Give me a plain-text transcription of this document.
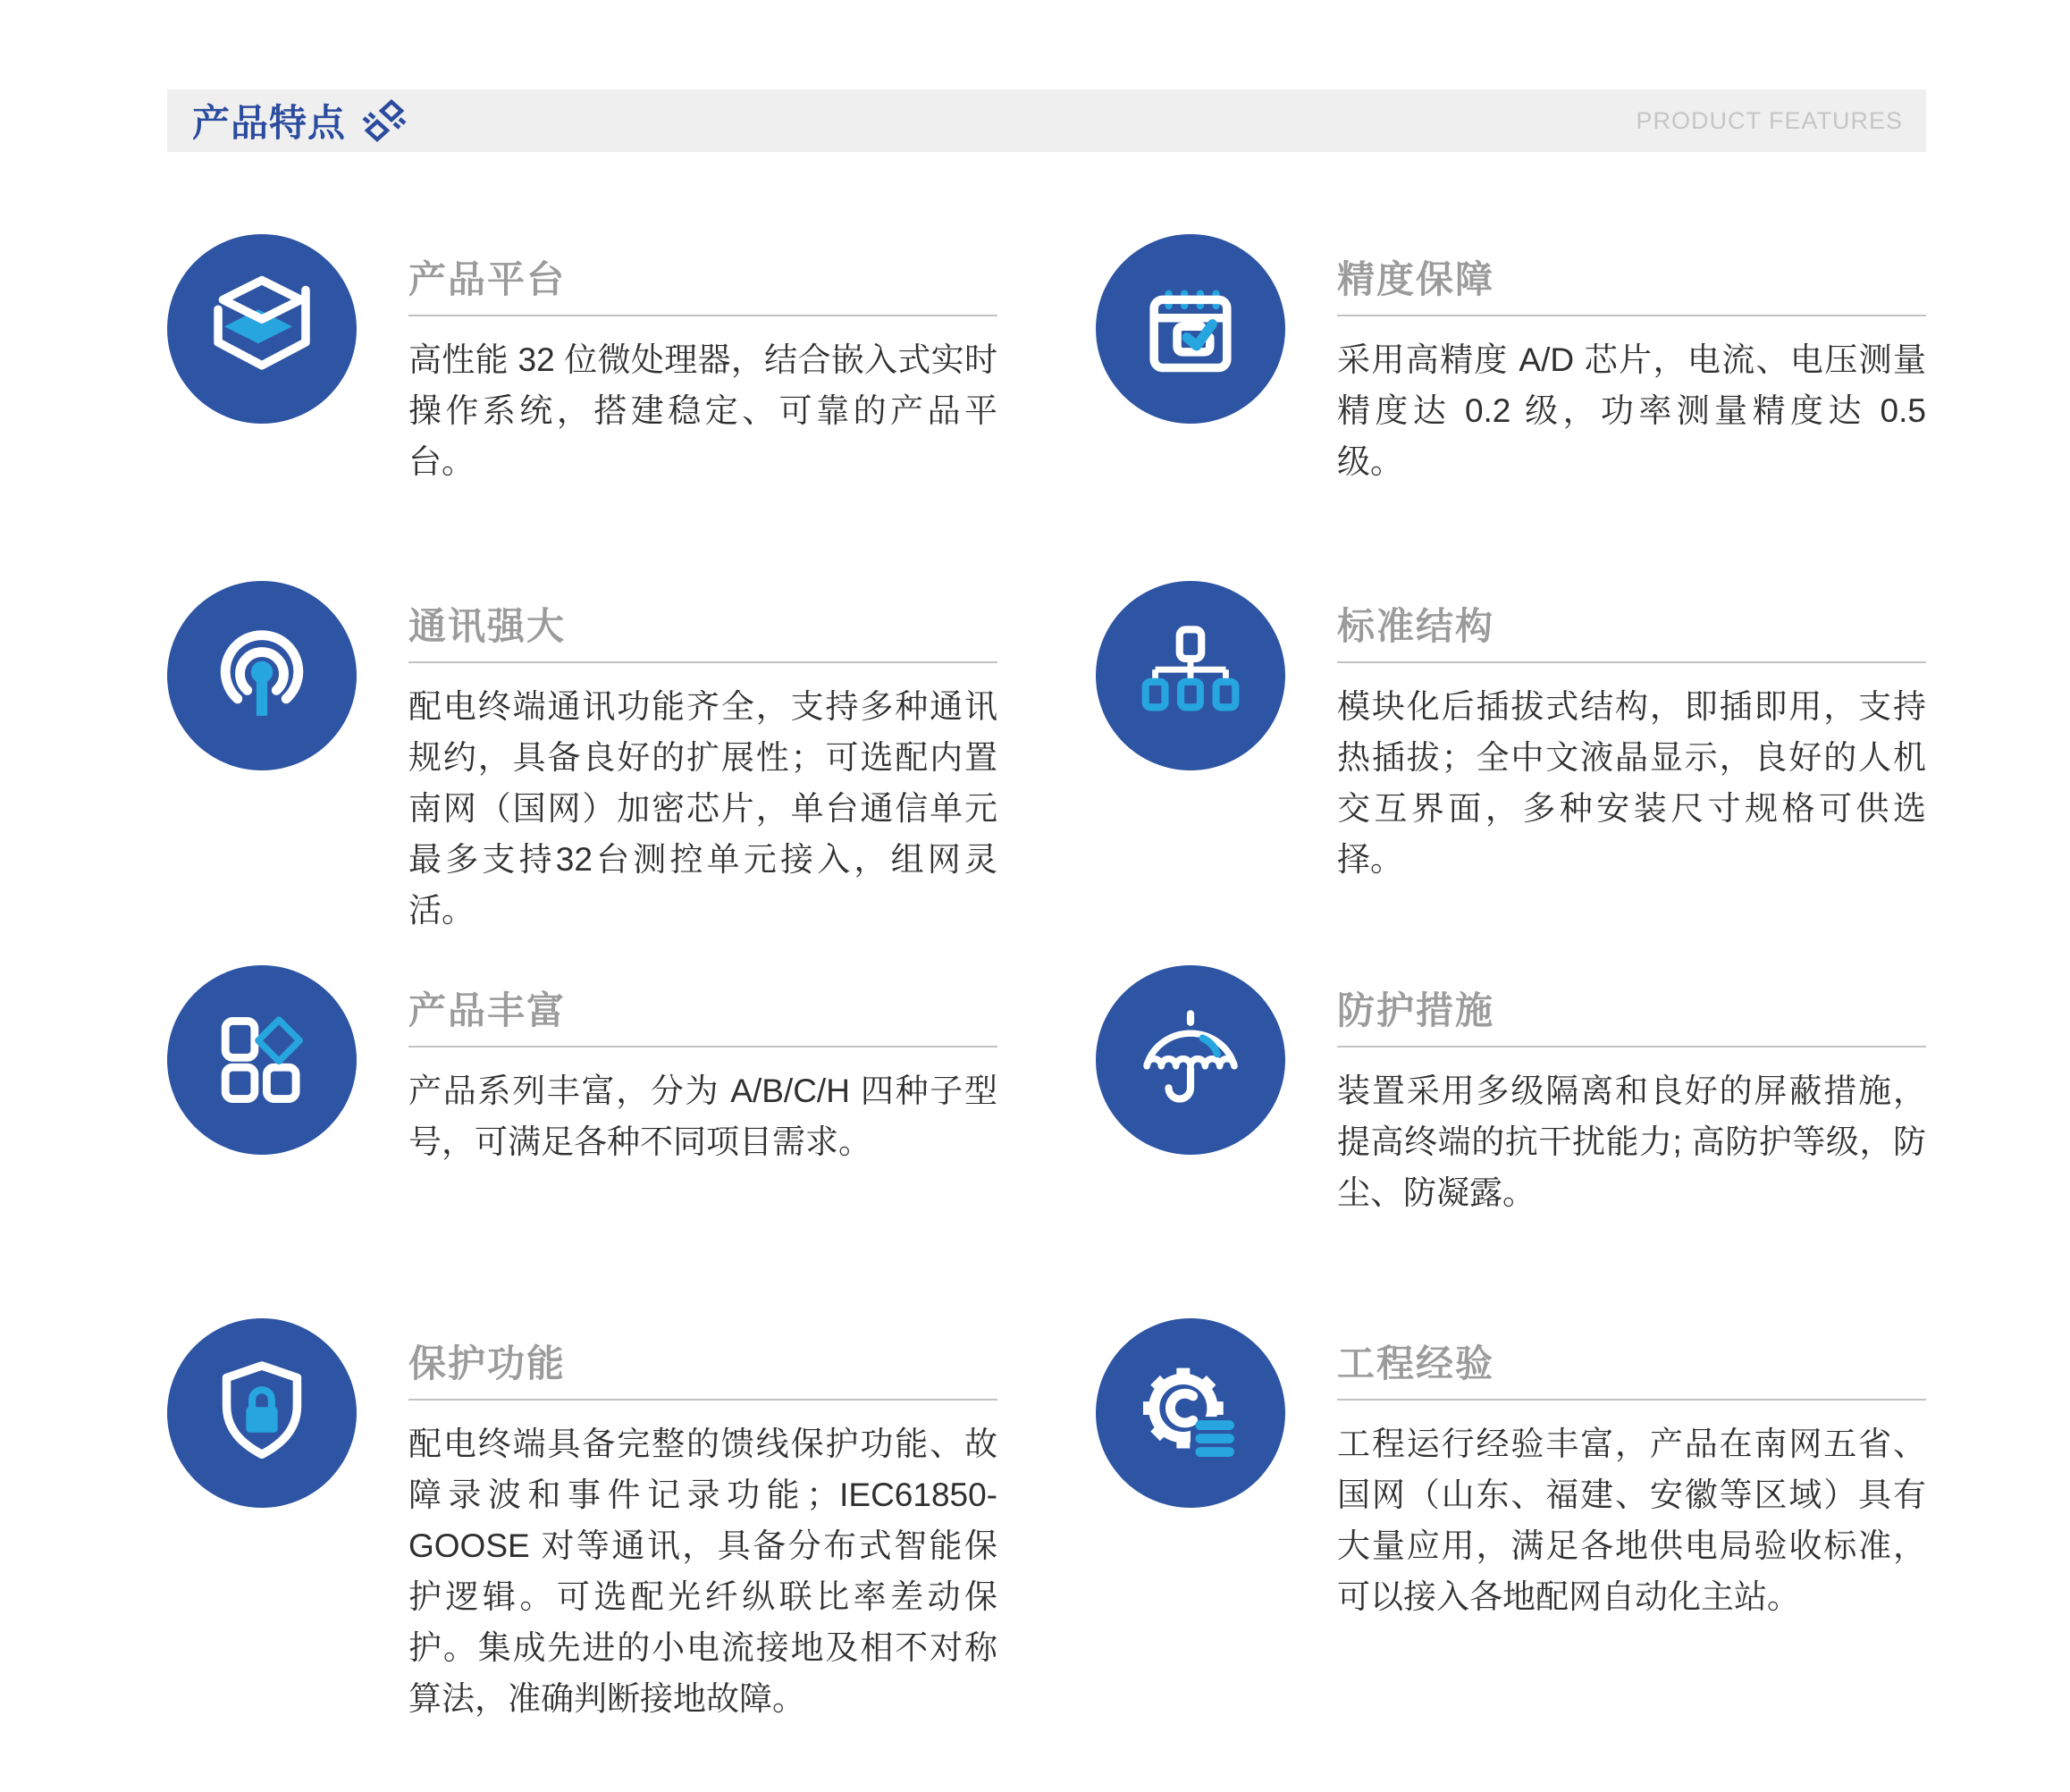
产品特点	PRODUCT FEATURES
产品平台

高性能 32 位微处理器，结合嵌入式实时操作系统，搭建稳定、可靠的产品平台。

精度保障

采用高精度 A/D 芯片，电流、电压测量精度达 0.2 级，功率测量精度达 0.5 级。

通讯强大

配电终端通讯功能齐全，支持多种通讯规约，具备良好的扩展性；可选配内置南网（国网）加密芯片，单台通信单元最多支持32台测控单元接入，组网灵活。

标准结构

模块化后插拔式结构，即插即用，支持热插拔；全中文液晶显示，良好的人机交互界面，多种安装尺寸规格可供选择。

产品丰富

产品系列丰富，分为 A/B/C/H 四种子型号，可满足各种不同项目需求。

防护措施

装置采用多级隔离和良好的屏蔽措施，提高终端的抗干扰能力; 高防护等级，防尘、防凝露。

保护功能

配电终端具备完整的馈线保护功能、故障录波和事件记录功能；IEC61850-GOOSE 对等通讯，具备分布式智能保护逻辑。可选配光纤纵联比率差动保护。集成先进的小电流接地及相不对称算法，准确判断接地故障。

工程经验

工程运行经验丰富，产品在南网五省、国网（山东、福建、安徽等区域）具有大量应用，满足各地供电局验收标准，可以接入各地配网自动化主站。
